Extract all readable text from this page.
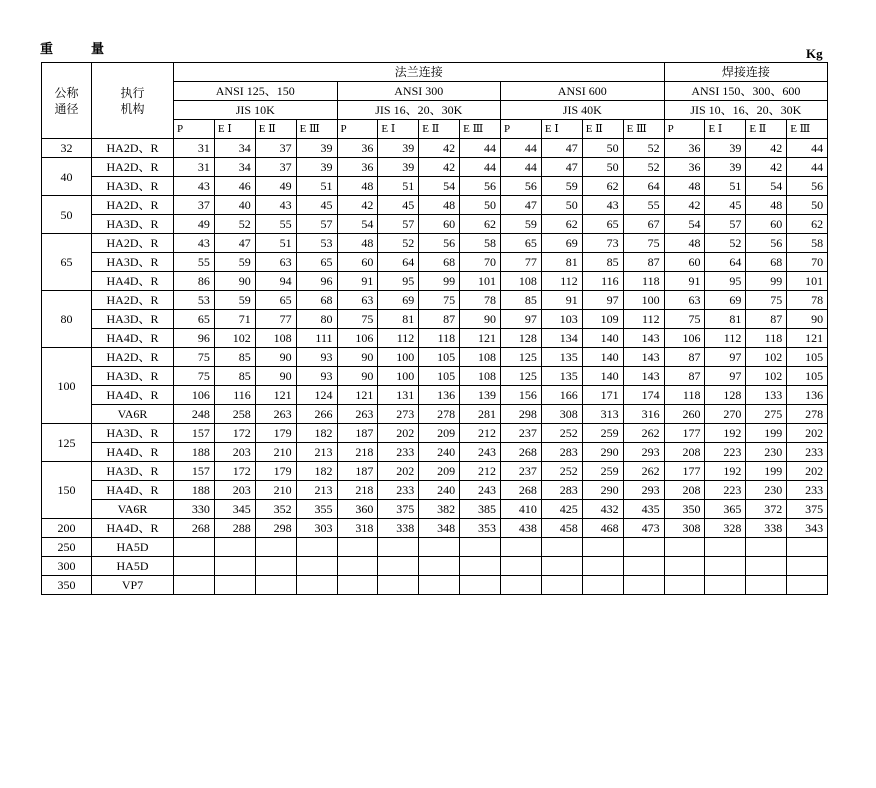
重	量	Kg
公称
通径	执行
机构	法兰连接												焊接连接			
		ANSI 125、150				ANSI 300				ANSI 600				ANSI 150、300、600			
		JIS 10K				JIS 16、20、30K				JIS 40K				JIS 10、16、20、30K			
		P	E Ⅰ	E Ⅱ	E Ⅲ	P	E Ⅰ	E Ⅱ	E Ⅲ	P	E Ⅰ	E Ⅱ	E Ⅲ	P	E Ⅰ	E Ⅱ	E Ⅲ
32	HA2D、R	31	34	37	39	36	39	42	44	44	47	50	52	36	39	42	44
40	HA2D、R	31	34	37	39	36	39	42	44	44	47	50	52	36	39	42	44
	HA3D、R	43	46	49	51	48	51	54	56	56	59	62	64	48	51	54	56
50	HA2D、R	37	40	43	45	42	45	48	50	47	50	43	55	42	45	48	50
	HA3D、R	49	52	55	57	54	57	60	62	59	62	65	67	54	57	60	62
65	HA2D、R	43	47	51	53	48	52	56	58	65	69	73	75	48	52	56	58
	HA3D、R	55	59	63	65	60	64	68	70	77	81	85	87	60	64	68	70
	HA4D、R	86	90	94	96	91	95	99	101	108	112	116	118	91	95	99	101
80	HA2D、R	53	59	65	68	63	69	75	78	85	91	97	100	63	69	75	78
	HA3D、R	65	71	77	80	75	81	87	90	97	103	109	112	75	81	87	90
	HA4D、R	96	102	108	111	106	112	118	121	128	134	140	143	106	112	118	121
100	HA2D、R	75	85	90	93	90	100	105	108	125	135	140	143	87	97	102	105
	HA3D、R	75	85	90	93	90	100	105	108	125	135	140	143	87	97	102	105
	HA4D、R	106	116	121	124	121	131	136	139	156	166	171	174	118	128	133	136
	VA6R	248	258	263	266	263	273	278	281	298	308	313	316	260	270	275	278
125	HA3D、R	157	172	179	182	187	202	209	212	237	252	259	262	177	192	199	202
	HA4D、R	188	203	210	213	218	233	240	243	268	283	290	293	208	223	230	233
150	HA3D、R	157	172	179	182	187	202	209	212	237	252	259	262	177	192	199	202
	HA4D、R	188	203	210	213	218	233	240	243	268	283	290	293	208	223	230	233
	VA6R	330	345	352	355	360	375	382	385	410	425	432	435	350	365	372	375
200	HA4D、R	268	288	298	303	318	338	348	353	438	458	468	473	308	328	338	343
250	HA5D																
300	HA5D																
350	VP7																
